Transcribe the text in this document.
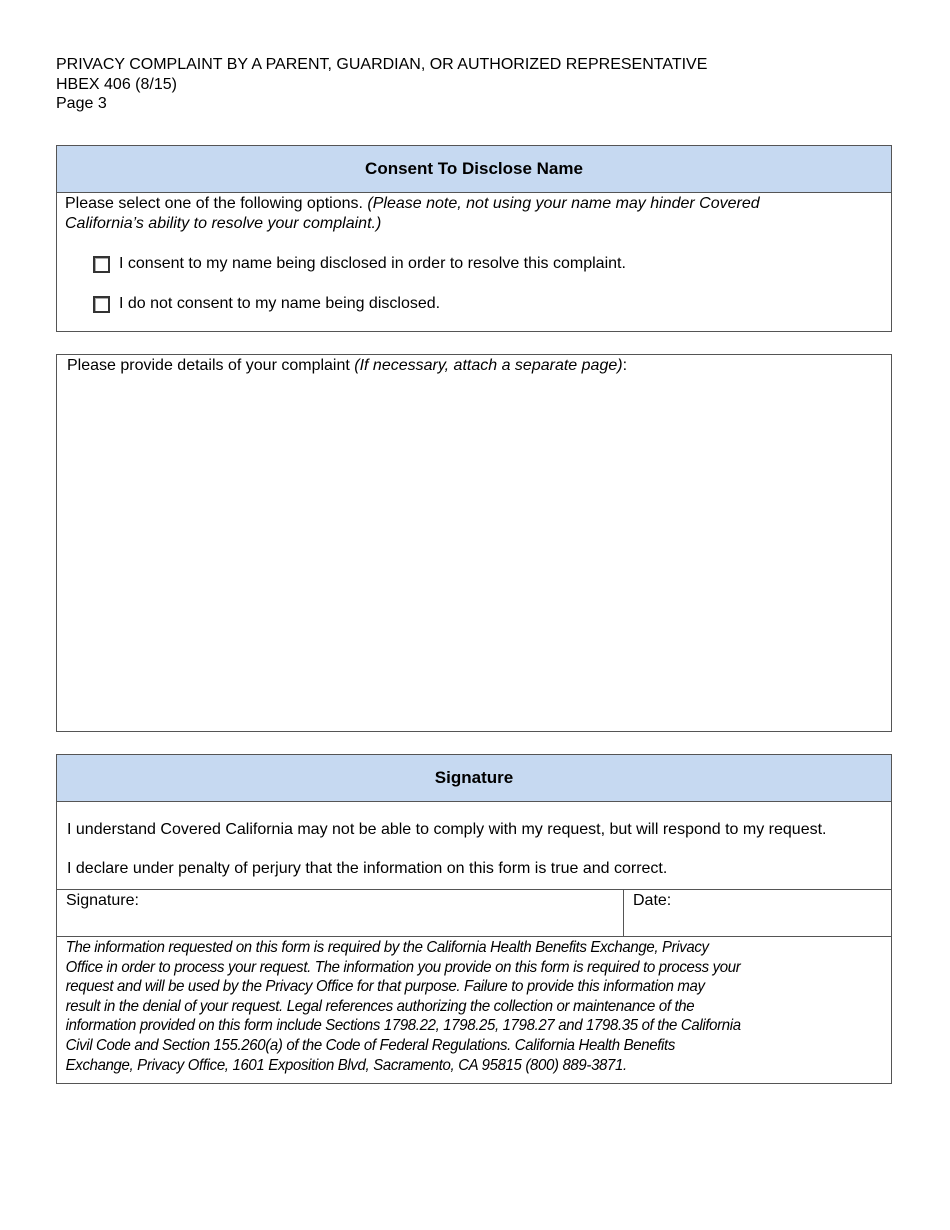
PRIVACY COMPLAINT BY A PARENT, GUARDIAN, OR AUTHORIZED REPRESENTATIVE
HBEX 406 (8/15)
Page 3
Consent To Disclose Name
Please select one of the following options. (Please note, not using your name may hinder Covered
California’s ability to resolve your complaint.)
I consent to my name being disclosed in order to resolve this complaint.
I do not consent to my name being disclosed.
Please provide details of your complaint (If necessary, attach a separate page):
Signature
I understand Covered California may not be able to comply with my request, but will respond to my request.
I declare under penalty of perjury that the information on this form is true and correct.
Signature:	Date:
The information requested on this form is required by the California Health Benefits Exchange, Privacy
Office in order to process your request. The information you provide on this form is required to process your
request and will be used by the Privacy Office for that purpose. Failure to provide this information may
result in the denial of your request. Legal references authorizing the collection or maintenance of the
information provided on this form include Sections 1798.22, 1798.25, 1798.27 and 1798.35 of the California
Civil Code and Section 155.260(a) of the Code of Federal Regulations. California Health Benefits
Exchange, Privacy Office, 1601 Exposition Blvd, Sacramento, CA 95815 (800) 889-3871.
